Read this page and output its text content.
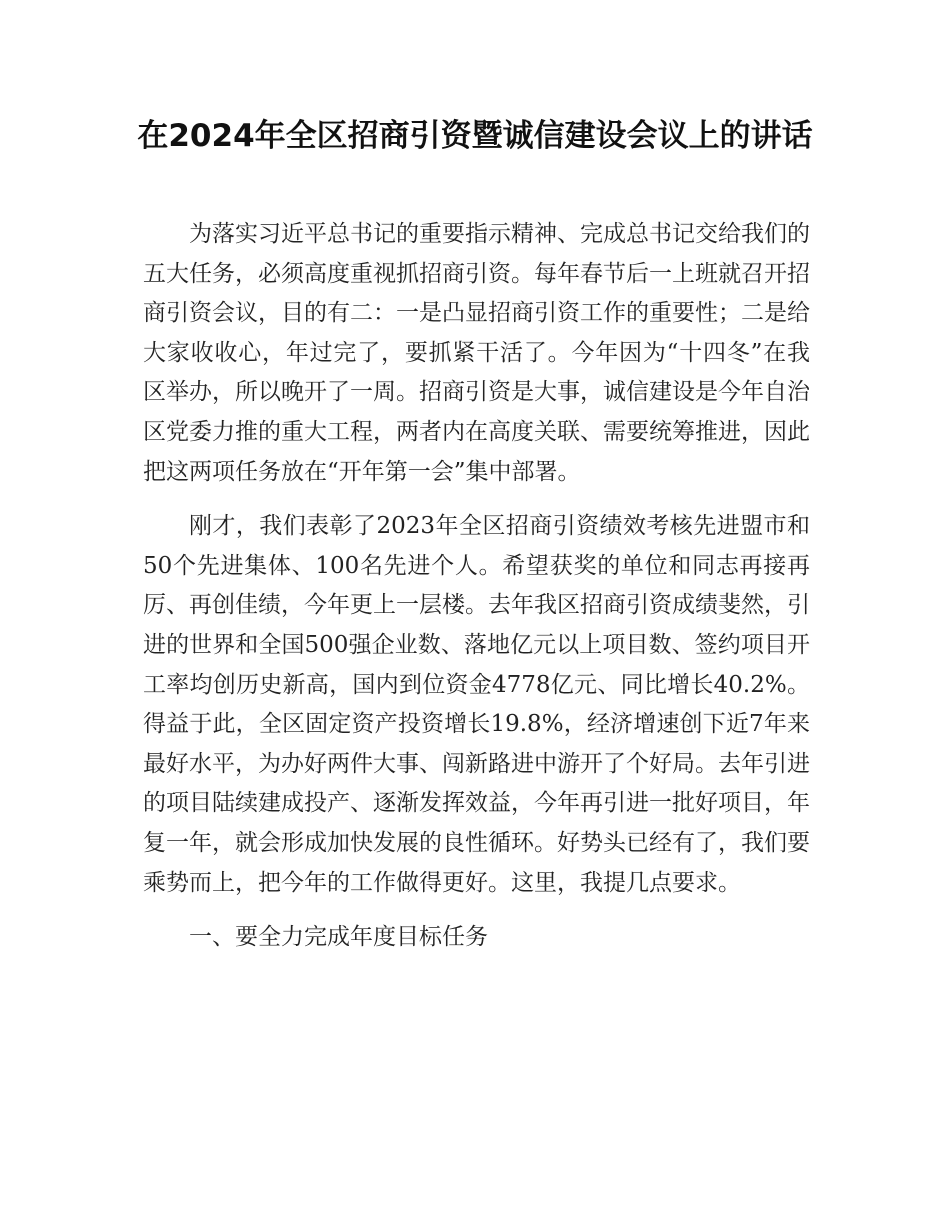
在2024年全区招商引资暨诚信建设会议上的讲话

为落实习近平总书记的重要指示精神、完成总书记交给我们的五大任务，必须高度重视抓招商引资。每年春节后一上班就召开招商引资会议，目的有二：一是凸显招商引资工作的重要性；二是给大家收收心，年过完了，要抓紧干活了。今年因为“十四冬”在我区举办，所以晚开了一周。招商引资是大事，诚信建设是今年自治区党委力推的重大工程，两者内在高度关联、需要统筹推进，因此把这两项任务放在“开年第一会”集中部署。

刚才，我们表彰了2023年全区招商引资绩效考核先进盟市和50个先进集体、100名先进个人。希望获奖的单位和同志再接再厉、再创佳绩，今年更上一层楼。去年我区招商引资成绩斐然，引进的世界和全国500强企业数、落地亿元以上项目数、签约项目开工率均创历史新高，国内到位资金4778亿元、同比增长40.2%。得益于此，全区固定资产投资增长19.8%，经济增速创下近7年来最好水平，为办好两件大事、闯新路进中游开了个好局。去年引进的项目陆续建成投产、逐渐发挥效益，今年再引进一批好项目，年复一年，就会形成加快发展的良性循环。好势头已经有了，我们要乘势而上，把今年的工作做得更好。这里，我提几点要求。

一、要全力完成年度目标任务
